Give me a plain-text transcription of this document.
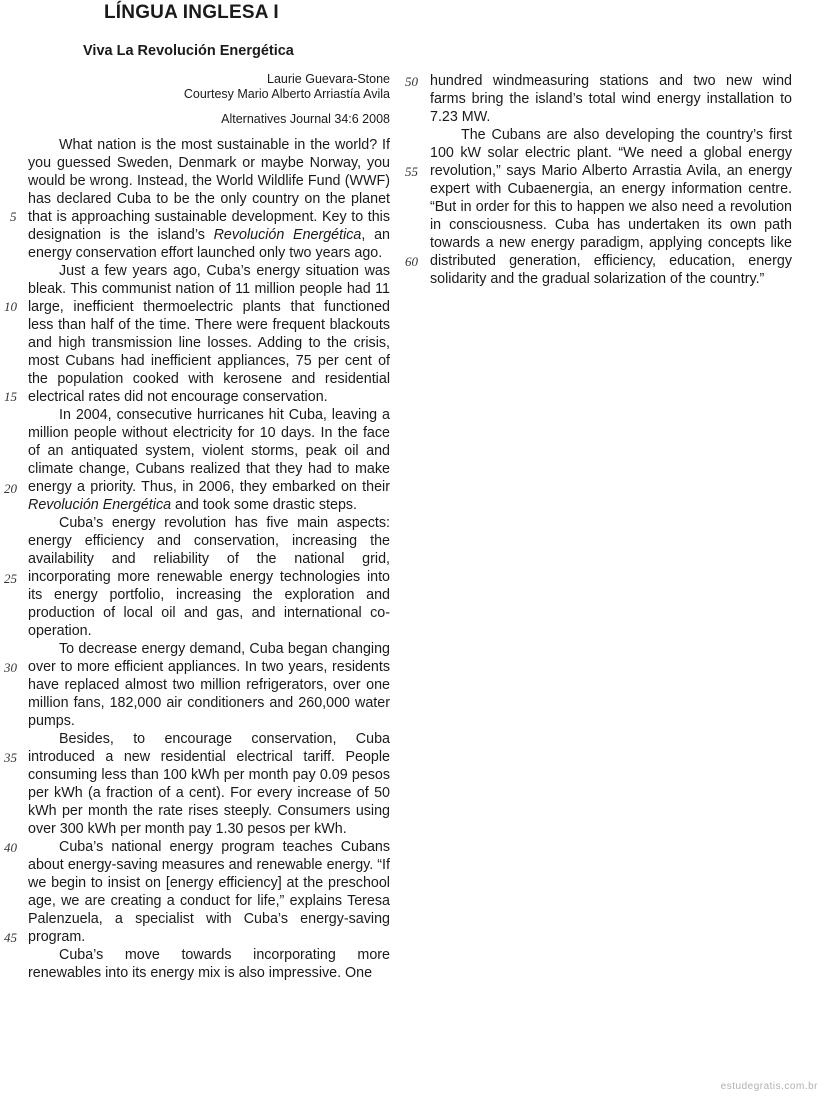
LÍNGUA INGLESA I
Viva La Revolución Energética
Laurie Guevara-Stone
Courtesy Mario Alberto Arriastía Avila
Alternatives Journal 34:6 2008
5
10
15
20
25
30
35
40
45
50
55
60

What nation is the most sustainable in the world? If you guessed Sweden, Denmark or maybe Norway, you would be wrong. Instead, the World Wildlife Fund (WWF) has declared Cuba to be the only country on the planet that is approaching sustainable development. Key to this designation is the island’s Revolución Energética, an energy conservation effort launched only two years ago.

Just a few years ago, Cuba’s energy situation was bleak. This communist nation of 11 million people had 11 large, inefficient thermoelectric plants that functioned less than half of the time. There were frequent blackouts and high transmission line losses. Adding to the crisis, most Cubans had inefficient appliances, 75 per cent of the population cooked with kerosene and residential electrical rates did not encourage conservation.

In 2004, consecutive hurricanes hit Cuba, leaving a million people without electricity for 10 days. In the face of an antiquated system, violent storms, peak oil and climate change, Cubans realized that they had to make energy a priority. Thus, in 2006, they embarked on their Revolución Energética and took some drastic steps.

Cuba’s energy revolution has five main aspects: energy efficiency and conservation, increasing the availability and reliability of the national grid, incorporating more renewable energy technologies into its energy portfolio, increasing the exploration and production of local oil and gas, and international co-operation.

To decrease energy demand, Cuba began changing over to more efficient appliances. In two years, residents have replaced almost two million refrigerators, over one million fans, 182,000 air conditioners and 260,000 water pumps.

Besides, to encourage conservation, Cuba introduced a new residential electrical tariff. People consuming less than 100 kWh per month pay 0.09 pesos per kWh (a fraction of a cent). For every increase of 50 kWh per month the rate rises steeply. Consumers using over 300 kWh per month pay 1.30 pesos per kWh.

Cuba’s national energy program teaches Cubans about energy-saving measures and renewable energy. “If we begin to insist on [energy efficiency] at the preschool age, we are creating a conduct for life,” explains Teresa Palenzuela, a specialist with Cuba’s energy-saving program.

Cuba’s move towards incorporating more renewables into its energy mix is also impressive. One

hundred windmeasuring stations and two new wind farms bring the island’s total wind energy installation to 7.23 MW.

The Cubans are also developing the country’s first 100 kW solar electric plant. “We need a global energy revolution,” says Mario Alberto Arrastia Avila, an energy expert with Cubaenergia, an energy information centre. “But in order for this to happen we also need a revolution in consciousness. Cuba has undertaken its own path towards a new energy paradigm, applying concepts like distributed generation, efficiency, education, energy solidarity and the gradual solarization of the country.”

estudegratis.com.br
